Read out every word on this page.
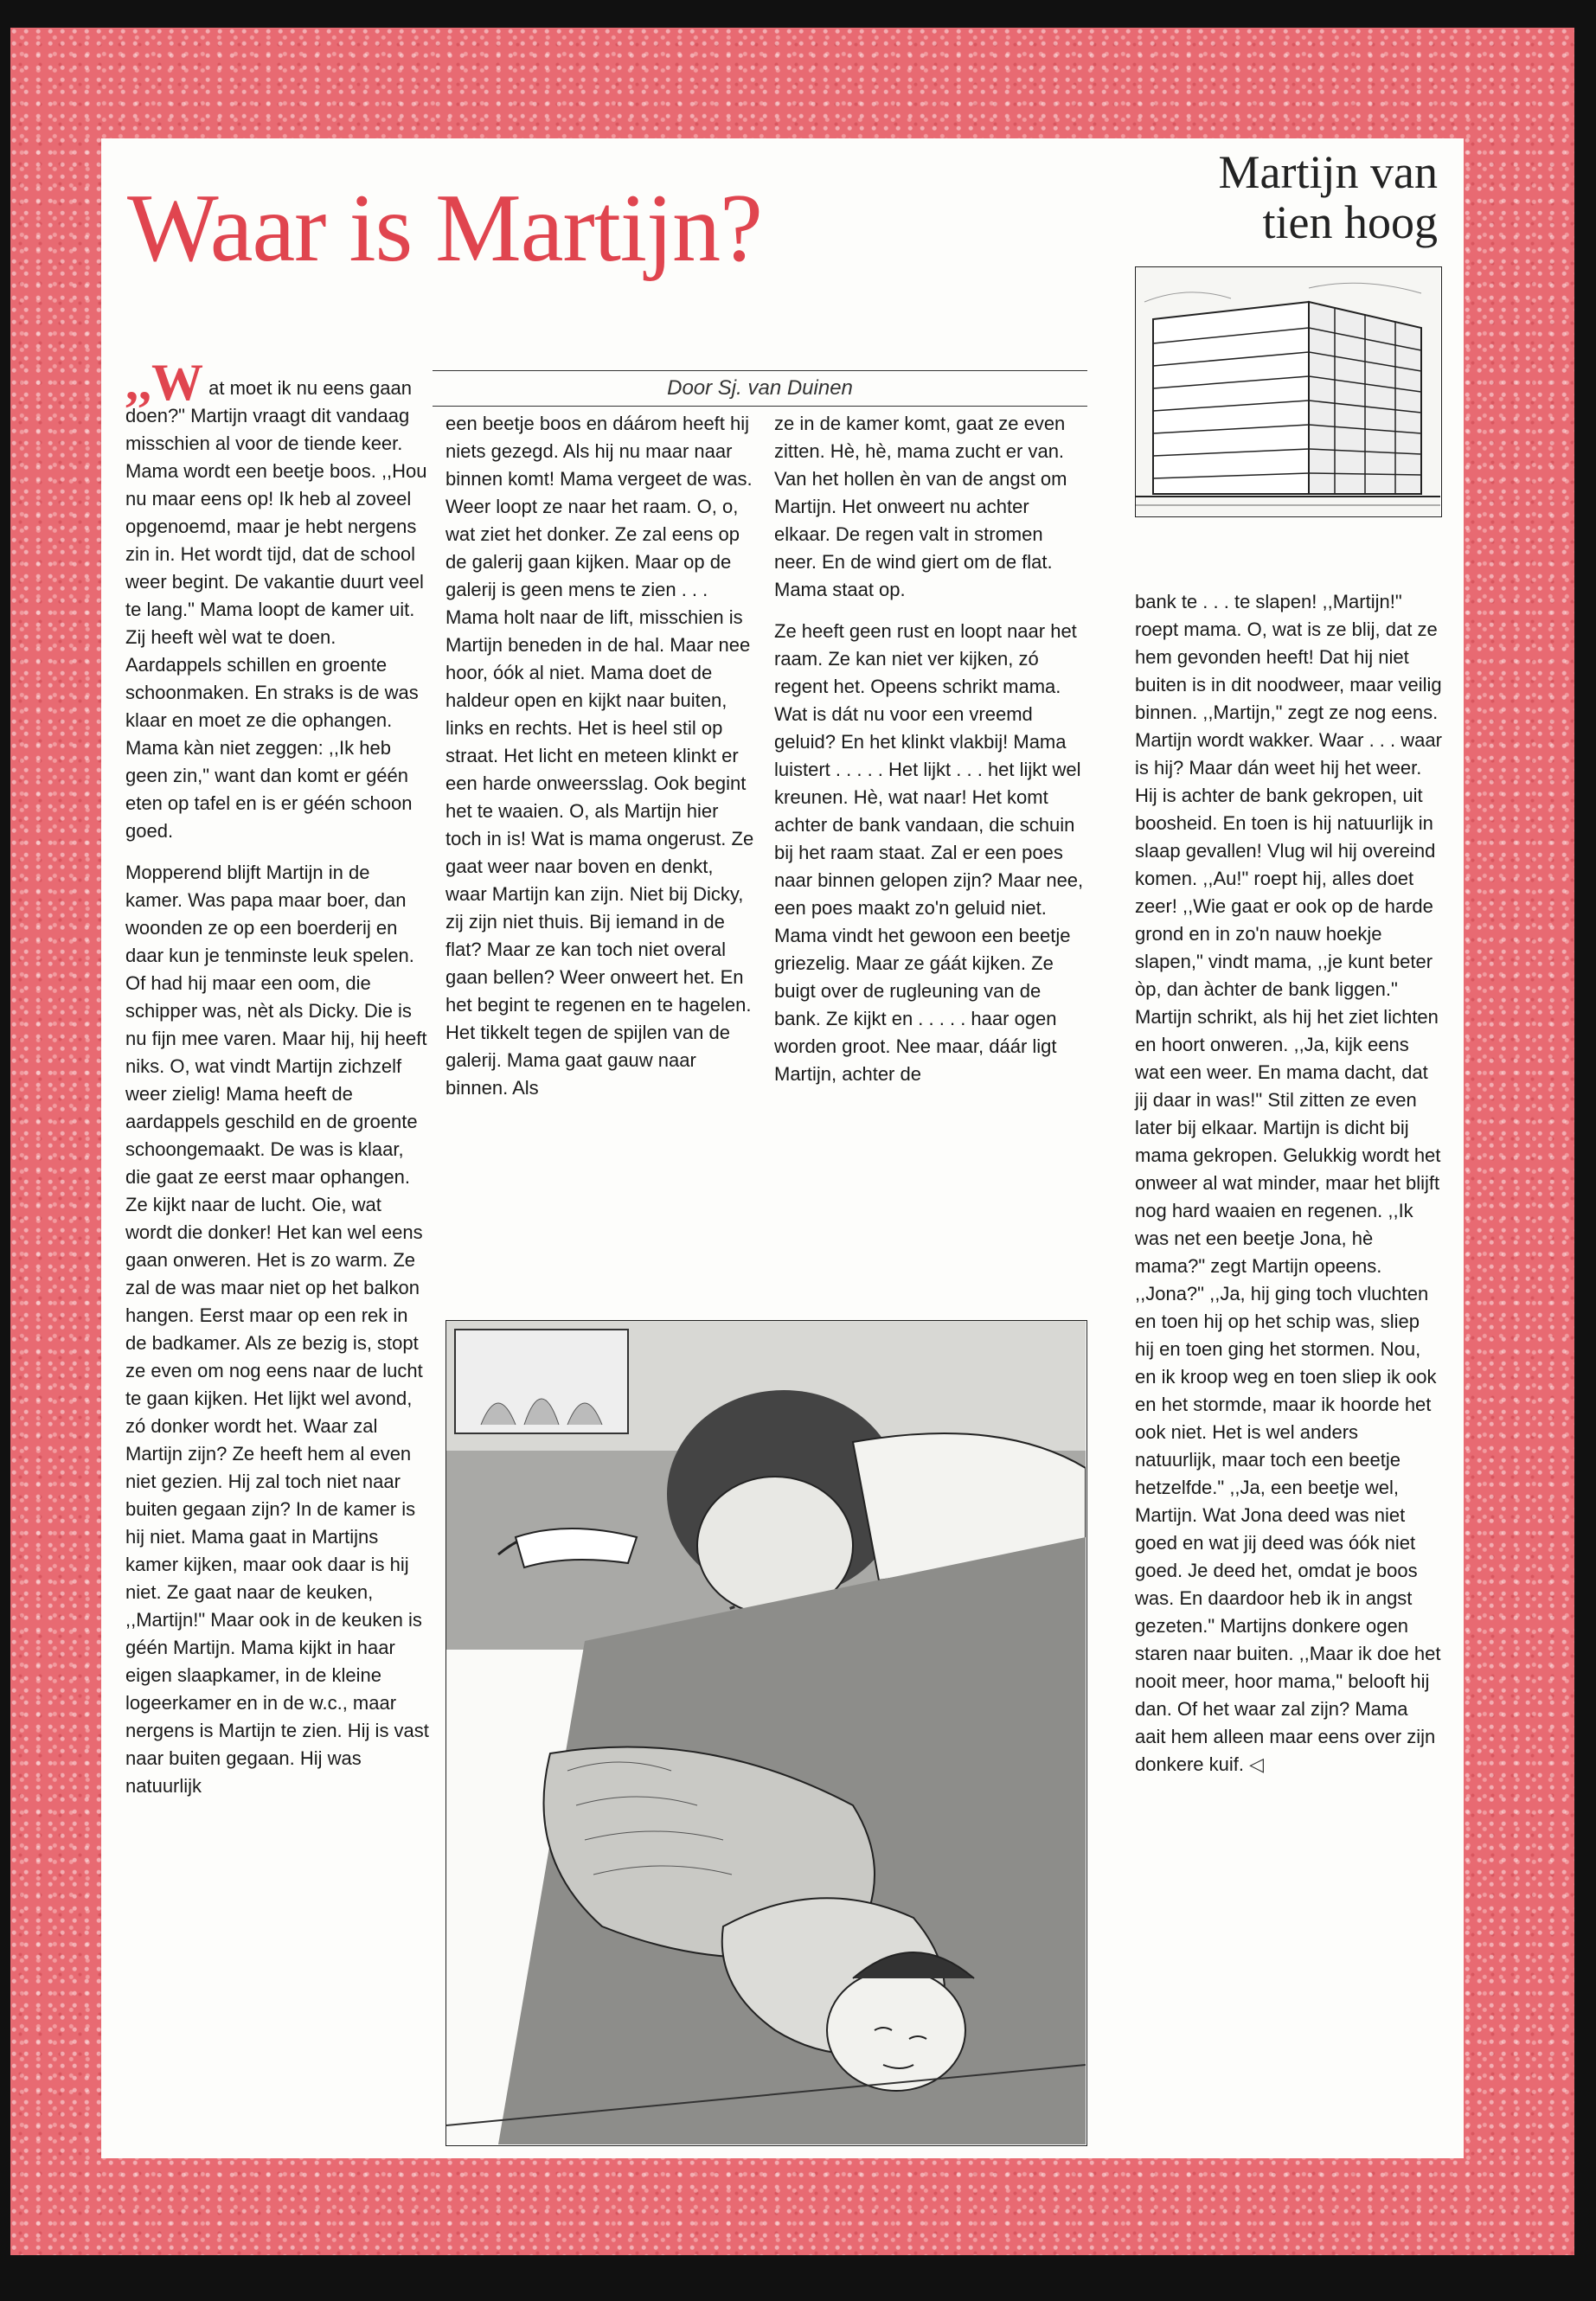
Waar is Martijn?
Martijn van
tien hoog
Door Sj. van Duinen

,,W at moet ik nu eens gaan doen?" Martijn vraagt dit vandaag misschien al voor de tiende keer. Mama wordt een beetje boos. ,,Hou nu maar eens op! Ik heb al zoveel opgenoemd, maar je hebt nergens zin in. Het wordt tijd, dat de school weer begint. De vakantie duurt veel te lang." Mama loopt de kamer uit. Zij heeft wèl wat te doen. Aardappels schillen en groente schoonmaken. En straks is de was klaar en moet ze die ophangen. Mama kàn niet zeggen: ,,Ik heb geen zin," want dan komt er géén eten op tafel en is er géén schoon goed.

Mopperend blijft Martijn in de kamer. Was papa maar boer, dan woonden ze op een boerderij en daar kun je tenminste leuk spelen. Of had hij maar een oom, die schipper was, nèt als Dicky. Die is nu fijn mee varen. Maar hij, hij heeft niks. O, wat vindt Martijn zichzelf weer zielig! Mama heeft de aardappels geschild en de groente schoongemaakt. De was is klaar, die gaat ze eerst maar ophangen. Ze kijkt naar de lucht. Oie, wat wordt die donker! Het kan wel eens gaan onweren. Het is zo warm. Ze zal de was maar niet op het balkon hangen. Eerst maar op een rek in de badkamer. Als ze bezig is, stopt ze even om nog eens naar de lucht te gaan kijken. Het lijkt wel avond, zó donker wordt het. Waar zal Martijn zijn? Ze heeft hem al even niet gezien. Hij zal toch niet naar buiten gegaan zijn? In de kamer is hij niet. Mama gaat in Martijns kamer kijken, maar ook daar is hij niet. Ze gaat naar de keuken, ,,Martijn!" Maar ook in de keuken is géén Martijn. Mama kijkt in haar eigen slaapkamer, in de kleine logeerkamer en in de w.c., maar nergens is Martijn te zien. Hij is vast naar buiten gegaan. Hij was natuurlijk

een beetje boos en dáárom heeft hij niets gezegd. Als hij nu maar naar binnen komt! Mama vergeet de was. Weer loopt ze naar het raam. O, o, wat ziet het donker. Ze zal eens op de galerij gaan kijken. Maar op de galerij is geen mens te zien . . . Mama holt naar de lift, misschien is Martijn beneden in de hal. Maar nee hoor, óók al niet. Mama doet de haldeur open en kijkt naar buiten, links en rechts. Het is heel stil op straat. Het licht en meteen klinkt er een harde onweersslag. Ook begint het te waaien. O, als Martijn hier toch in is! Wat is mama ongerust. Ze gaat weer naar boven en denkt, waar Martijn kan zijn. Niet bij Dicky, zij zijn niet thuis. Bij iemand in de flat? Maar ze kan toch niet overal gaan bellen? Weer onweert het. En het begint te regenen en te hagelen. Het tikkelt tegen de spijlen van de galerij. Mama gaat gauw naar binnen. Als

ze in de kamer komt, gaat ze even zitten. Hè, hè, mama zucht er van. Van het hollen èn van de angst om Martijn. Het onweert nu achter elkaar. De regen valt in stromen neer. En de wind giert om de flat. Mama staat op.

Ze heeft geen rust en loopt naar het raam. Ze kan niet ver kijken, zó regent het. Opeens schrikt mama. Wat is dát nu voor een vreemd geluid? En het klinkt vlakbij! Mama luistert . . . . . Het lijkt . . . het lijkt wel kreunen. Hè, wat naar! Het komt achter de bank vandaan, die schuin bij het raam staat. Zal er een poes naar binnen gelopen zijn? Maar nee, een poes maakt zo'n geluid niet. Mama vindt het gewoon een beetje griezelig. Maar ze gáát kijken. Ze buigt over de rugleuning van de bank. Ze kijkt en . . . . . haar ogen worden groot. Nee maar, dáár ligt Martijn, achter de

bank te . . . te slapen! ,,Martijn!" roept mama. O, wat is ze blij, dat ze hem gevonden heeft! Dat hij niet buiten is in dit noodweer, maar veilig binnen. ,,Martijn," zegt ze nog eens. Martijn wordt wakker. Waar . . . waar is hij? Maar dán weet hij het weer. Hij is achter de bank gekropen, uit boosheid. En toen is hij natuurlijk in slaap gevallen! Vlug wil hij overeind komen. ,,Au!" roept hij, alles doet zeer! ,,Wie gaat er ook op de harde grond en in zo'n nauw hoekje slapen," vindt mama, ,,je kunt beter òp, dan àchter de bank liggen." Martijn schrikt, als hij het ziet lichten en hoort onweren. ,,Ja, kijk eens wat een weer. En mama dacht, dat jij daar in was!" Stil zitten ze even later bij elkaar. Martijn is dicht bij mama gekropen. Gelukkig wordt het onweer al wat minder, maar het blijft nog hard waaien en regenen. ,,Ik was net een beetje Jona, hè mama?" zegt Martijn opeens. ,,Jona?" ,,Ja, hij ging toch vluchten en toen hij op het schip was, sliep hij en toen ging het stormen. Nou, en ik kroop weg en toen sliep ik ook en het stormde, maar ik hoorde het ook niet. Het is wel anders natuurlijk, maar toch een beetje hetzelfde." ,,Ja, een beetje wel, Martijn. Wat Jona deed was niet goed en wat jij deed was óók niet goed. Je deed het, omdat je boos was. En daardoor heb ik in angst gezeten." Martijns donkere ogen staren naar buiten. ,,Maar ik doe het nooit meer, hoor mama," belooft hij dan. Of het waar zal zijn? Mama aait hem alleen maar eens over zijn donkere kuif. ◁
